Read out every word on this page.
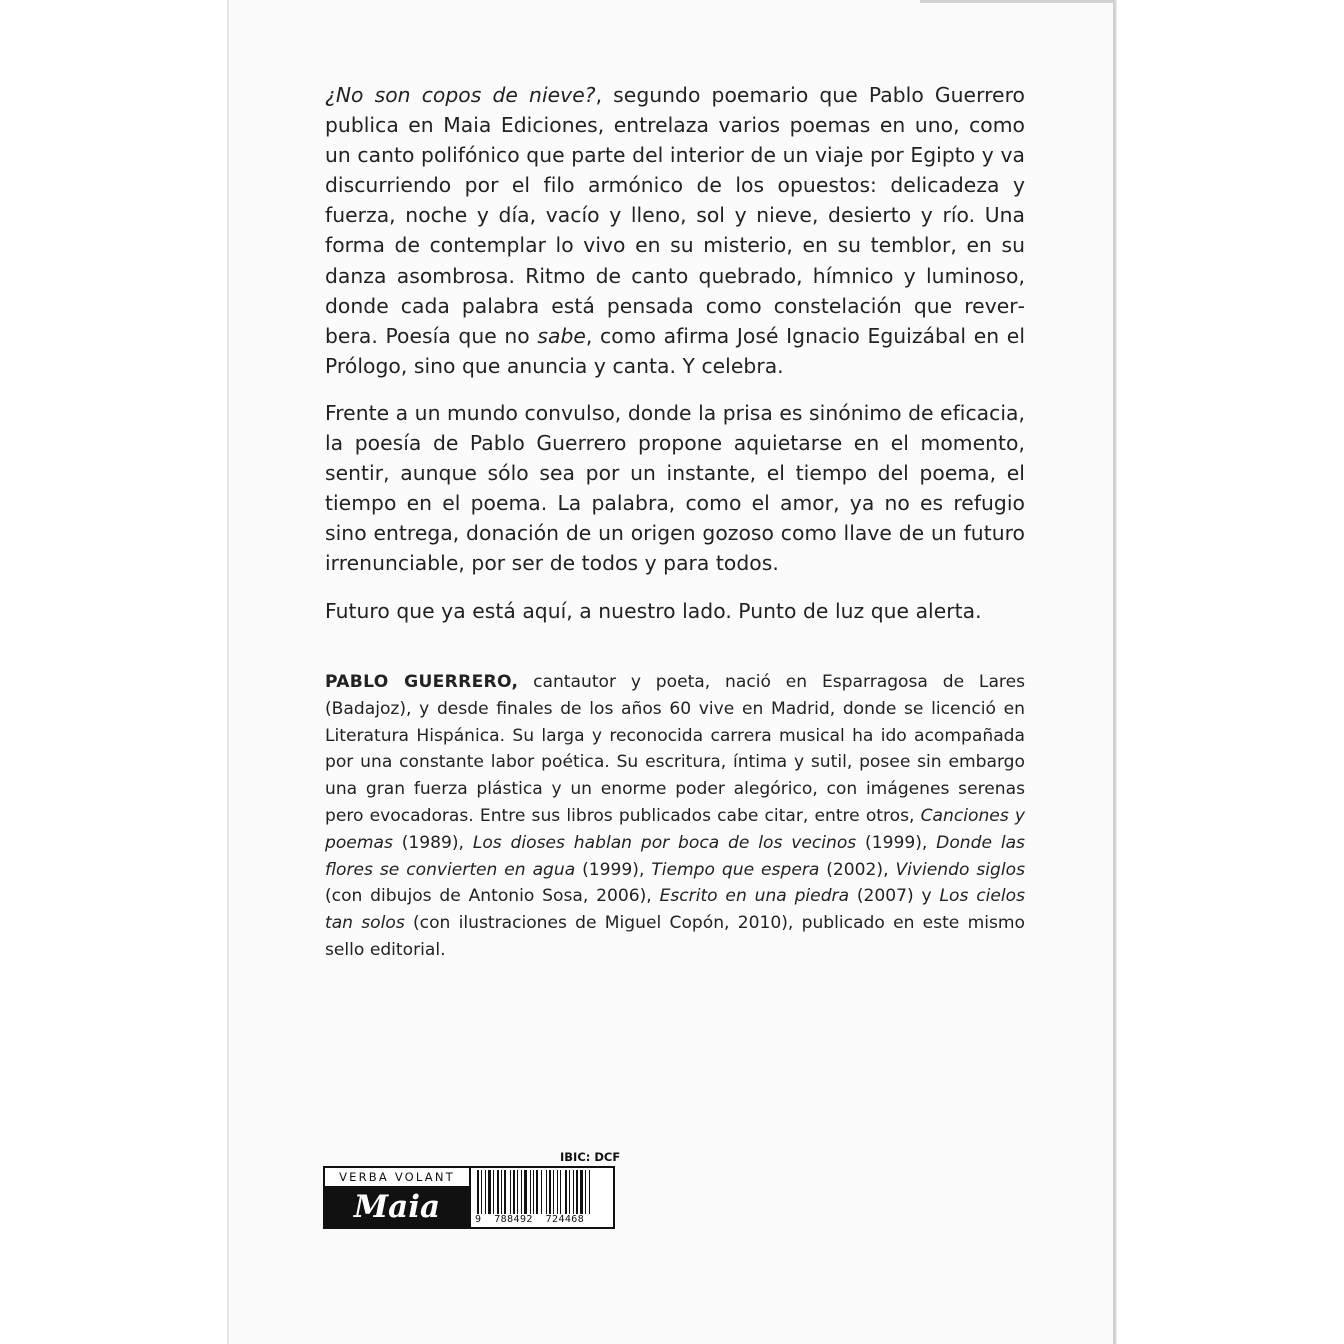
¿No son copos de nieve?, segundo poemario que Pablo Guerrero publica en Maia Ediciones, entrelaza varios poemas en uno, como un canto polifónico que parte del interior de un viaje por Egipto y va discurriendo por el filo armónico de los opuestos: delicadeza y fuerza, noche y día, vacío y lleno, sol y nieve, desierto y río. Una forma de contemplar lo vivo en su misterio, en su temblor, en su danza asombrosa. Ritmo de canto quebrado, hímnico y luminoso, donde cada palabra está pensada como constelación que reverbera. Poesía que no sabe, como afirma José Ignacio Eguizábal en el Prólogo, sino que anuncia y canta. Y celebra.

Frente a un mundo convulso, donde la prisa es sinónimo de eficacia, la poesía de Pablo Guerrero propone aquietarse en el momento, sentir, aunque sólo sea por un instante, el tiempo del poema, el tiempo en el poema. La palabra, como el amor, ya no es refugio sino entrega, donación de un origen gozoso como llave de un futuro irrenunciable, por ser de todos y para todos.

Futuro que ya está aquí, a nuestro lado. Punto de luz que alerta.

PABLO GUERRERO, cantautor y poeta, nació en Esparragosa de Lares (Badajoz), y desde finales de los años 60 vive en Madrid, donde se licenció en Literatura Hispánica. Su larga y reconocida carrera musical ha ido acompañada por una constante labor poética. Su escritura, íntima y sutil, posee sin embargo una gran fuerza plástica y un enorme poder alegórico, con imágenes serenas pero evocadoras. Entre sus libros publicados cabe citar, entre otros, Canciones y poemas (1989), Los dioses hablan por boca de los vecinos (1999), Donde las flores se convierten en agua (1999), Tiempo que espera (2002), Viviendo siglos (con dibujos de Antonio Sosa, 2006), Escrito en una piedra (2007) y Los cielos tan solos (con ilustraciones de Miguel Copón, 2010), publicado en este mismo sello editorial.

IBIC: DCF
VERBA VOLANT
Maia	9  788492  724468
